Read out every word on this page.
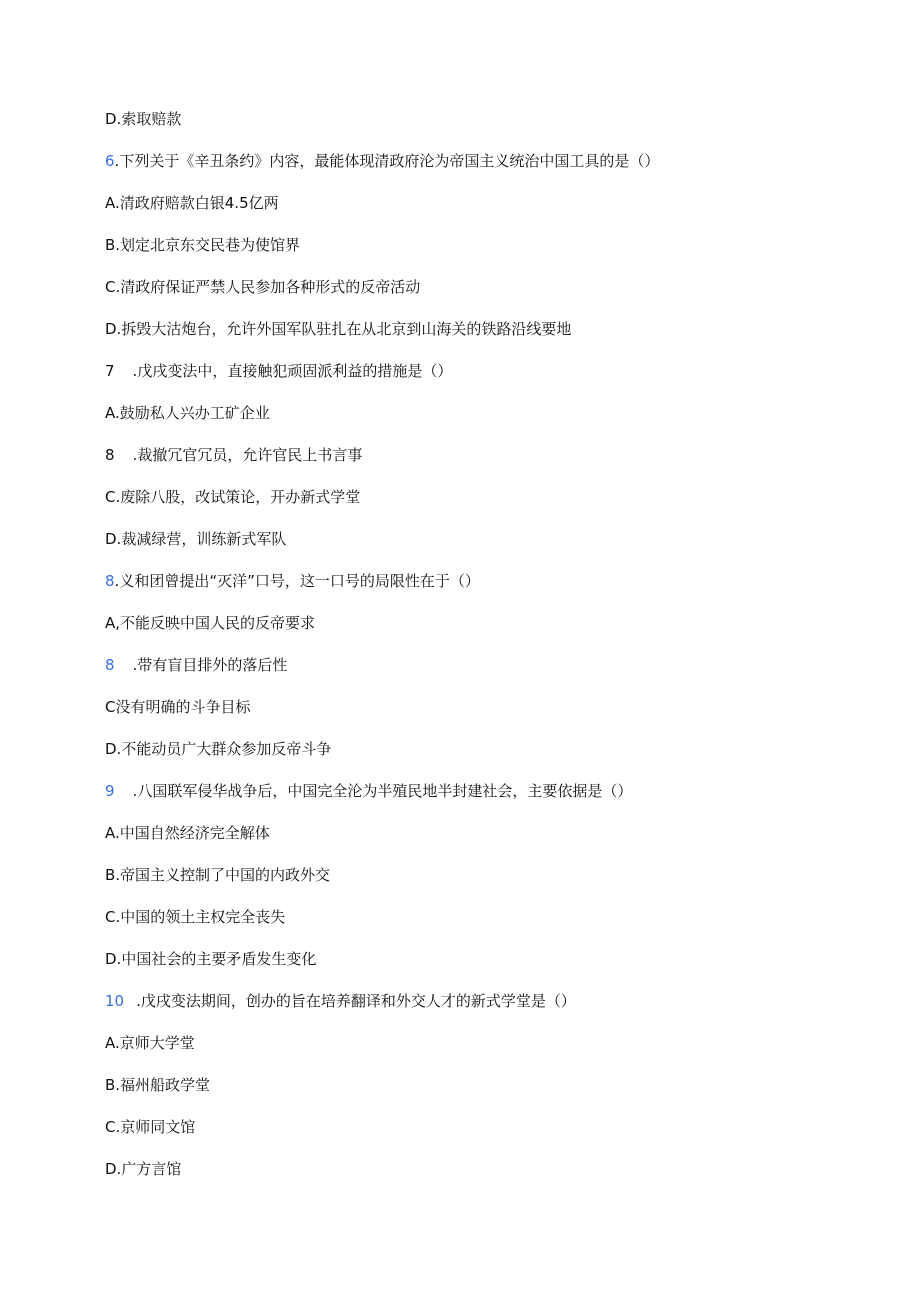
D.索取赔款
6.下列关于《辛丑条约》内容，最能体现清政府沦为帝国主义统治中国工具的是（）
A.清政府赔款白银4.5亿两
B.划定北京东交民巷为使馆界
C.清政府保证严禁人民参加各种形式的反帝活动
D.拆毁大沽炮台，允许外国军队驻扎在从北京到山海关的铁路沿线要地
7 .戊戌变法中，直接触犯顽固派利益的措施是（）
A.鼓励私人兴办工矿企业
8 .裁撤冗官冗员，允许官民上书言事
C.废除八股，改试策论，开办新式学堂
D.裁减绿营，训练新式军队
8.义和团曾提出“灭洋”口号，这一口号的局限性在于（）
A,不能反映中国人民的反帝要求
8 .带有盲目排外的落后性
C没有明确的斗争目标
D.不能动员广大群众参加反帝斗争
9 .八国联军侵华战争后，中国完全沦为半殖民地半封建社会，主要依据是（）
A.中国自然经济完全解体
B.帝国主义控制了中国的内政外交
C.中国的领土主权完全丧失
D.中国社会的主要矛盾发生变化
10 .戊戌变法期间，创办的旨在培养翻译和外交人才的新式学堂是（）
A.京师大学堂
B.福州船政学堂
C.京师同文馆
D.广方言馆
